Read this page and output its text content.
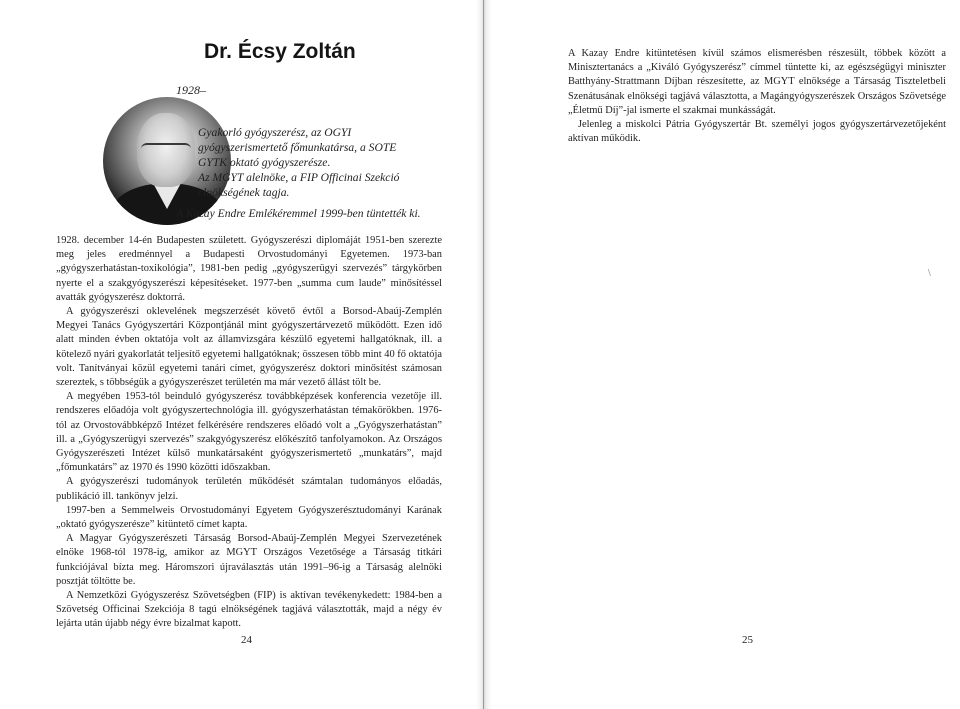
Dr. Écsy Zoltán
1928–

Gyakorló gyógyszerész, az OGYI gyógyszerismertető főmunkatársa, a SOTE GYTK oktató gyógyszerésze.

Az MGYT alelnöke, a FIP Officinai Szekció elnökségének tagja.

A Kazay Endre Emlékéremmel 1999-ben tüntették ki.

1928. december 14-én Budapesten született. Gyógyszerészi diplomáját 1951-ben szerezte meg jeles eredménnyel a Budapesti Orvostudományi Egyetemen. 1973-ban „gyógyszerhatástan-toxikológia”, 1981-ben pedig „gyógyszerügyi szervezés” tárgykörben nyerte el a szakgyógyszerészi képesítéseket. 1977-ben „summa cum laude” minősítéssel avatták gyógyszerész doktorrá.

A gyógyszerészi oklevelének megszerzését követő évtől a Borsod-Abaúj-Zemplén Megyei Tanács Gyógyszertári Központjánál mint gyógyszertárvezető működött. Ezen idő alatt minden évben oktatója volt az államvizsgára készülő egyetemi hallgatóknak, ill. a kötelező nyári gyakorlatát teljesítő egyetemi hallgatóknak; összesen több mint 40 fő oktatója volt. Tanítványai közül egyetemi tanári címet, gyógyszerész doktori minősítést számosan szereztek, s többségük a gyógyszerészet területén ma már vezető állást tölt be.

A megyében 1953-tól beinduló gyógyszerész továbbképzések konferencia vezetője ill. rendszeres előadója volt gyógyszertechnológia ill. gyógyszerhatástan témakörökben. 1976-tól az Orvostovábbképző Intézet felkérésére rendszeres előadó volt a „Gyógyszerhatástan” ill. a „Gyógyszerügyi szervezés” szakgyógyszerész előkészítő tanfolyamokon. Az Országos Gyógyszerészeti Intézet külső munkatársaként gyógyszerismertető „munkatárs”, majd „főmunkatárs” az 1970 és 1990 közötti időszakban.

A gyógyszerészi tudományok területén működését számtalan tudományos előadás, publikáció ill. tankönyv jelzi.

1997-ben a Semmelweis Orvostudományi Egyetem Gyógyszerésztudományi Karának „oktató gyógyszerésze” kitüntető címet kapta.

A Magyar Gyógyszerészeti Társaság Borsod-Abaúj-Zemplén Megyei Szervezetének elnöke 1968-tól 1978-ig, amikor az MGYT Országos Vezetősége a Társaság titkári funkciójával bízta meg. Háromszori újraválasztás után 1991–96-ig a Társaság alelnöki posztját töltötte be.

A Nemzetközi Gyógyszerész Szövetségben (FIP) is aktívan tevékenykedett: 1984-ben a Szövetség Officinai Szekciója 8 tagú elnökségének tagjává választották, majd a négy év lejárta után újabb négy évre bizalmat kapott.

24

A Kazay Endre kitüntetésen kívül számos elismerésben részesült, többek között a Minisztertanács a „Kiváló Gyógyszerész” címmel tüntette ki, az egészségügyi miniszter Batthyány-Strattmann Díjban részesítette, az MGYT elnöksége a Társaság Tiszteletbeli Szenátusának elnökségi tagjává választotta, a Magángyógyszerészek Országos Szövetsége „Életmű Díj”-jal ismerte el szakmai munkásságát.

Jelenleg a miskolci Pátria Gyógyszertár Bt. személyi jogos gyógyszertárvezetőjeként aktívan működik.

\
25
